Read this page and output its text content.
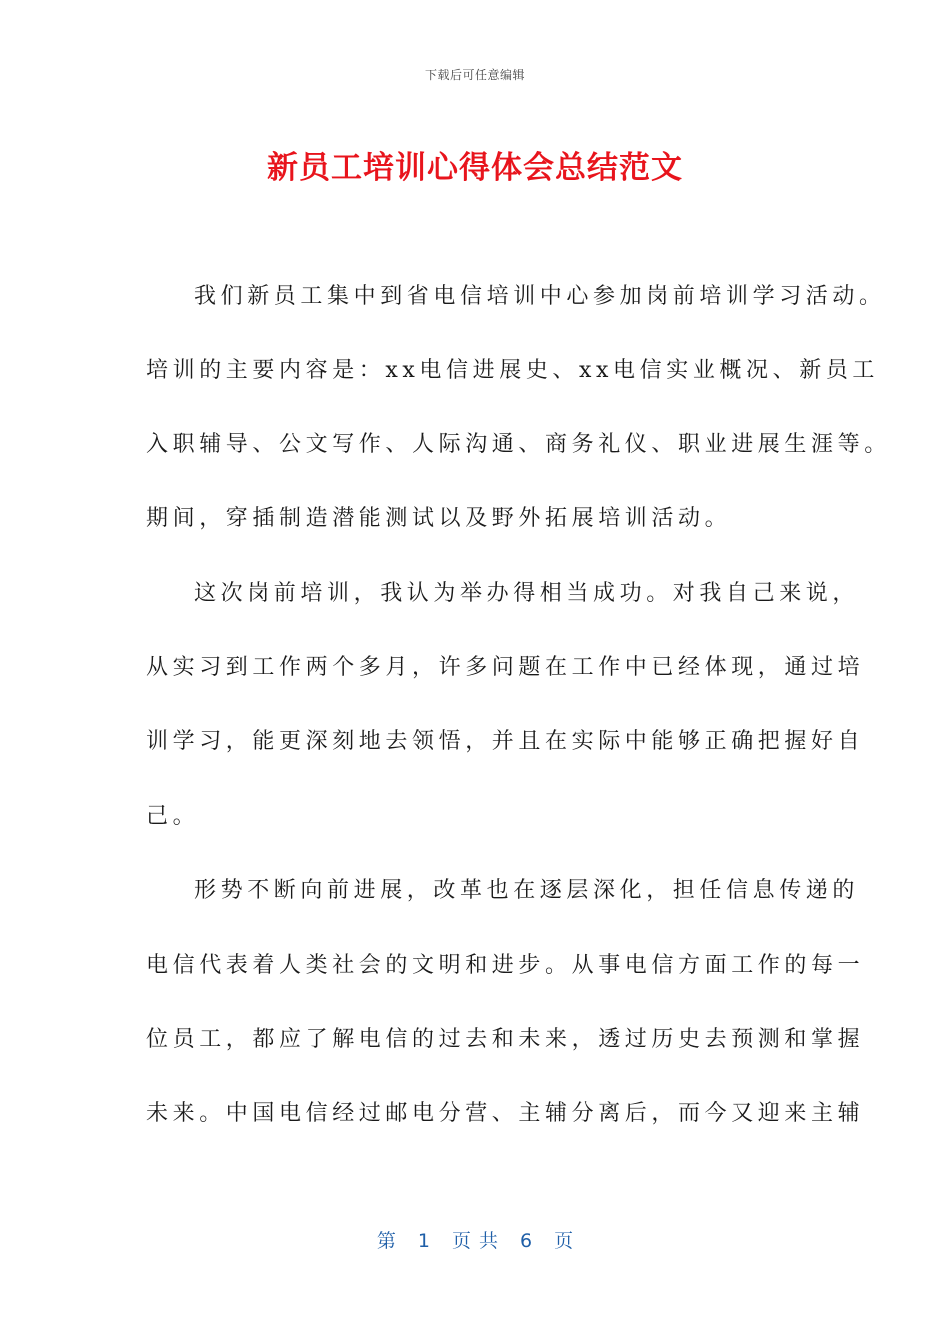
下载后可任意编辑
新员工培训心得体会总结范文
我们新员工集中到省电信培训中心参加岗前培训学习活动。
培训的主要内容是：xx电信进展史、xx电信实业概况、新员工
入职辅导、公文写作、人际沟通、商务礼仪、职业进展生涯等。
期间，穿插制造潜能测试以及野外拓展培训活动。
这次岗前培训，我认为举办得相当成功。对我自己来说，
从实习到工作两个多月，许多问题在工作中已经体现，通过培
训学习，能更深刻地去领悟，并且在实际中能够正确把握好自
己。
形势不断向前进展，改革也在逐层深化，担任信息传递的
电信代表着人类社会的文明和进步。从事电信方面工作的每一
位员工，都应了解电信的过去和未来，透过历史去预测和掌握
未来。中国电信经过邮电分营、主辅分离后，而今又迎来主辅
第 1 页共 6 页
